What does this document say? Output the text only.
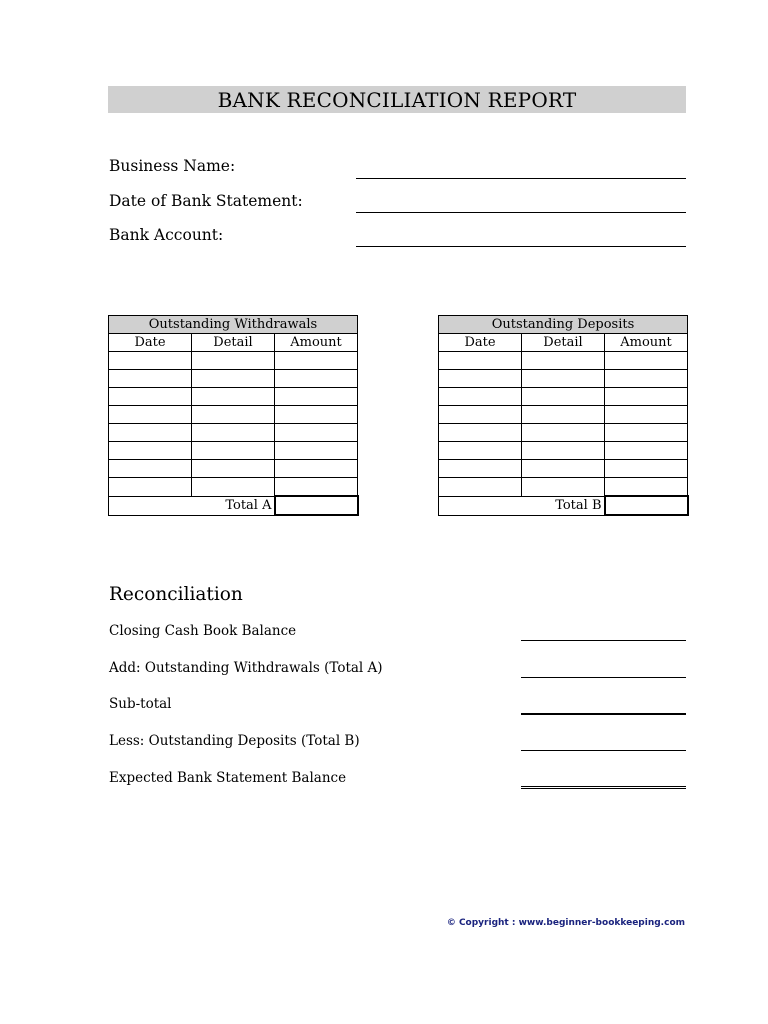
BANK RECONCILIATION REPORT
Business Name:
Date of Bank Statement:
Bank Account:
Outstanding Withdrawals		
Date	Detail	Amount

Total A		
Outstanding Deposits		
Date	Detail	Amount

Total B		
Reconciliation
Closing Cash Book Balance
Add: Outstanding Withdrawals (Total A)
Sub-total
Less: Outstanding Deposits (Total B)
Expected Bank Statement Balance
© Copyright : www.beginner-bookkeeping.com
